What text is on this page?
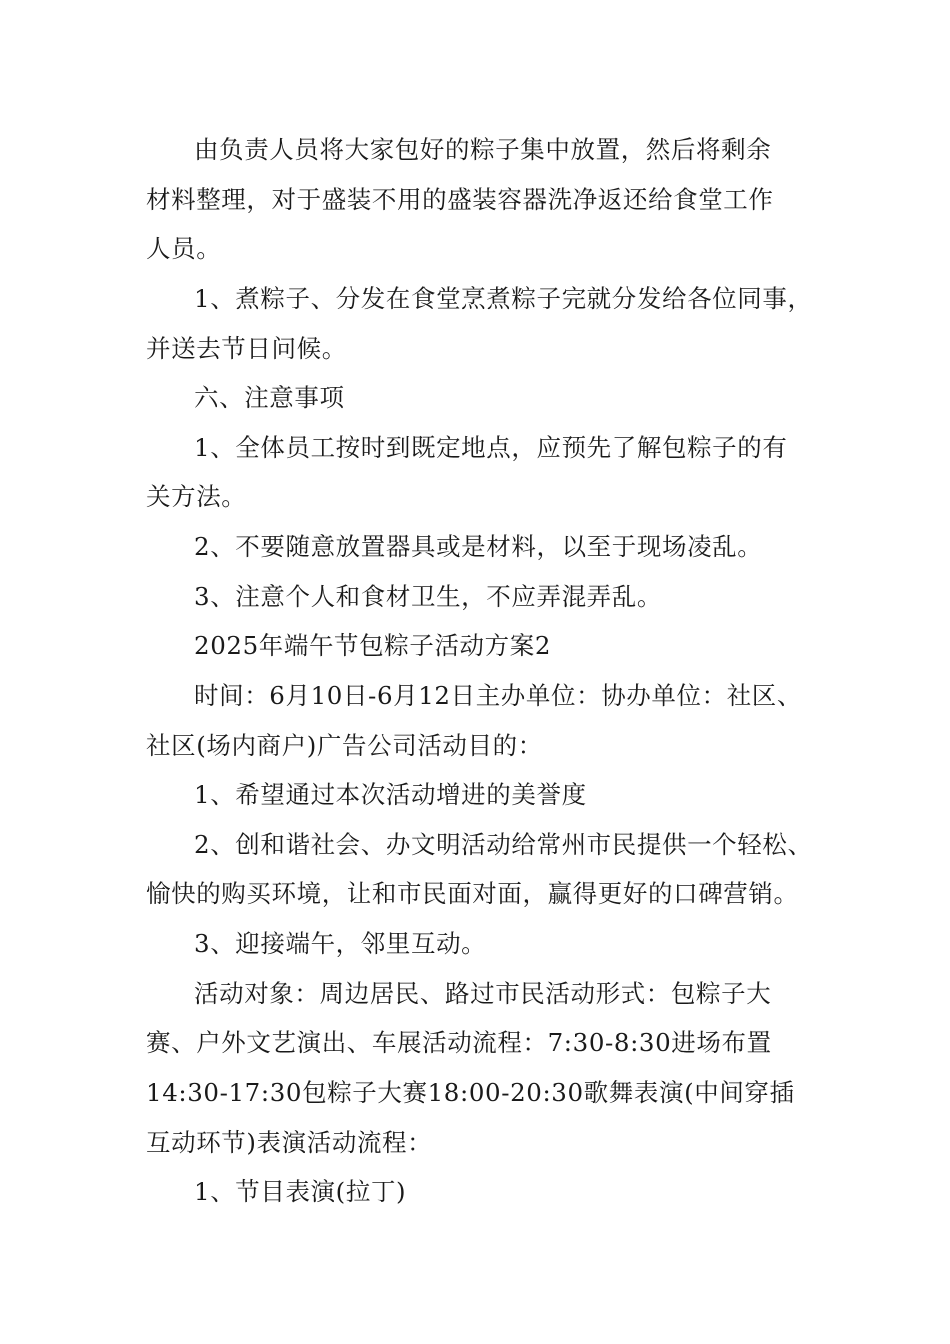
由负责人员将大家包好的粽子集中放置，然后将剩余
材料整理，对于盛装不用的盛装容器洗净返还给食堂工作
人员。
1、煮粽子、分发在食堂烹煮粽子完就分发给各位同事，
并送去节日问候。
六、注意事项
1、全体员工按时到既定地点，应预先了解包粽子的有
关方法。
2、不要随意放置器具或是材料，以至于现场凌乱。
3、注意个人和食材卫生，不应弄混弄乱。
2025年端午节包粽子活动方案2
时间：6月10日-6月12日主办单位：协办单位：社区、
社区(场内商户)广告公司活动目的：
1、希望通过本次活动增进的美誉度
2、创和谐社会、办文明活动给常州市民提供一个轻松、
愉快的购买环境，让和市民面对面，赢得更好的口碑营销。
3、迎接端午，邻里互动。
活动对象：周边居民、路过市民活动形式：包粽子大
赛、户外文艺演出、车展活动流程：7:30-8:30进场布置
14:30-17:30包粽子大赛18:00-20:30歌舞表演(中间穿插
互动环节)表演活动流程：
1、节目表演(拉丁)
